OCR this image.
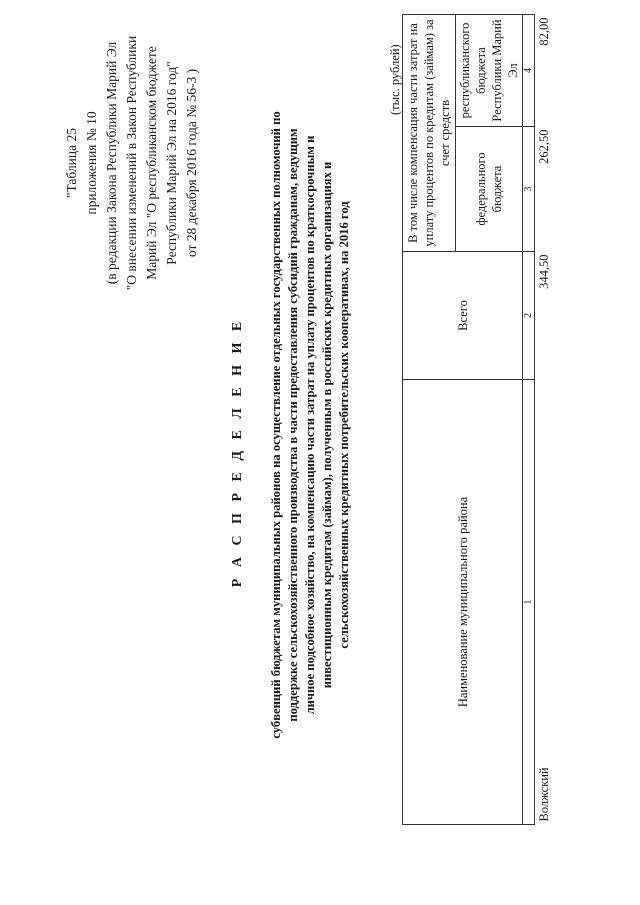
"Таблица 25 приложения № 10 (в редакции Закона Республики Марий Эл "О внесении изменений в Закон Республики Марий Эл "О республиканском бюджете Республики Марий Эл на 2016 год" от 28 декабря 2016 года № 56-3 )
Р А С П Р Е Д Е Л Е Н И Е субвенций бюджетам муниципальных районов на осуществление отдельных государственных полномочий по поддержке сельскохозяйственного производства в части предоставления субсидий гражданам, ведущим личное подсобное хозяйство, на компенсацию части затрат на уплату процентов по краткосрочным и инвестиционным кредитам (займам), полученным в российских кредитных организациях и сельскохозяйственных кредитных потребительских кооперативах, на 2016 год
(тыс. рублей)
Наименование муниципального района	Всего	В том числе компенсация части затрат на уплату процентов по кредитам (займам) за счет средств	
		федерального бюджета	республиканского бюджета Республики Марий Эл
1	2	3	4
Волжский	344,50	262,50	82,00
